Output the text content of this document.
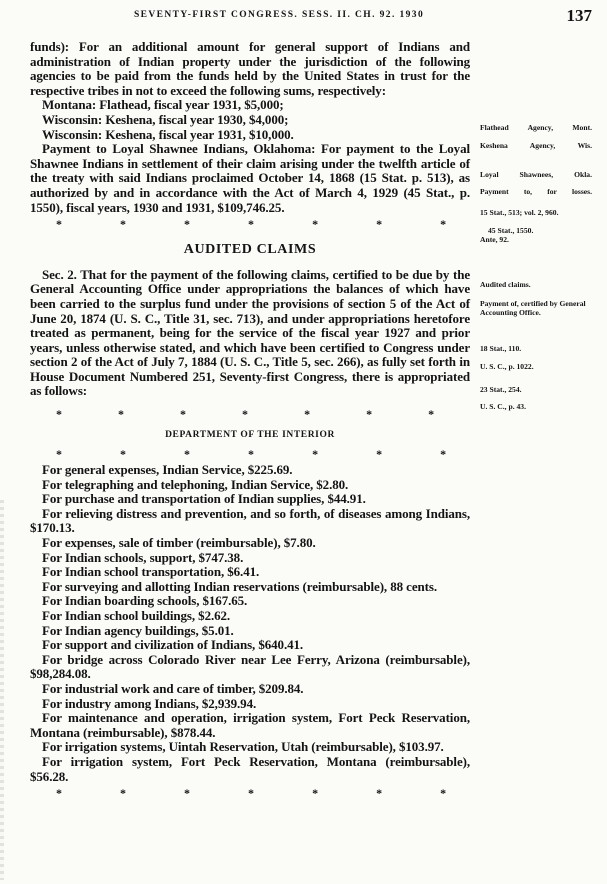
SEVENTY-FIRST CONGRESS. SESS. II. CH. 92. 1930	137

funds): For an additional amount for general support of Indians and administration of Indian property under the jurisdiction of the following agencies to be paid from the funds held by the United States in trust for the respective tribes in not to exceed the following sums, respectively:

Montana: Flathead, fiscal year 1931, $5,000;

Wisconsin: Keshena, fiscal year 1930, $4,000;

Wisconsin: Keshena, fiscal year 1931, $10,000.

Payment to Loyal Shawnee Indians, Oklahoma: For payment to the Loyal Shawnee Indians in settlement of their claim arising under the twelfth article of the treaty with said Indians proclaimed October 14, 1868 (15 Stat. p. 513), as authorized by and in accordance with the Act of March 4, 1929 (45 Stat., p. 1550), fiscal years, 1930 and 1931, $109,746.25.

*	*	*	*	*	*	*
AUDITED CLAIMS

Sec. 2. That for the payment of the following claims, certified to be due by the General Accounting Office under appropriations the balances of which have been carried to the surplus fund under the provisions of section 5 of the Act of June 20, 1874 (U. S. C., Title 31, sec. 713), and under appropriations heretofore treated as permanent, being for the service of the fiscal year 1927 and prior years, unless otherwise stated, and which have been certified to Congress under section 2 of the Act of July 7, 1884 (U. S. C., Title 5, sec. 266), as fully set forth in House Document Numbered 251, Seventy-first Congress, there is appropriated as follows:

*	*	*	*	*	*	*
DEPARTMENT OF THE INTERIOR
*	*	*	*	*	*	*

For general expenses, Indian Service, $225.69.

For telegraphing and telephoning, Indian Service, $2.80.

For purchase and transportation of Indian supplies, $44.91.

For relieving distress and prevention, and so forth, of diseases among Indians, $170.13.

For expenses, sale of timber (reimbursable), $7.80.

For Indian schools, support, $747.38.

For Indian school transportation, $6.41.

For surveying and allotting Indian reservations (reimbursable), 88 cents.

For Indian boarding schools, $167.65.

For Indian school buildings, $2.62.

For Indian agency buildings, $5.01.

For support and civilization of Indians, $640.41.

For bridge across Colorado River near Lee Ferry, Arizona (reimbursable), $98,284.08.

For industrial work and care of timber, $209.84.

For industry among Indians, $2,939.94.

For maintenance and operation, irrigation system, Fort Peck Reservation, Montana (reimbursable), $878.44.

For irrigation systems, Uintah Reservation, Utah (reimbursable), $103.97.

For irrigation system, Fort Peck Reservation, Montana (reimbursable), $56.28.

*	*	*	*	*	*	*
Flathead Agency, Mont.
Keshena Agency, Wis.
Loyal Shawnees, Okla.
Payment to, for losses.
15 Stat., 513; vol. 2, 960.
45 Stat., 1550.
Ante, 92.
Audited claims.
Payment of, certified by General Accounting Office.
18 Stat., 110.
U. S. C., p. 1022.
23 Stat., 254.
U. S. C., p. 43.
